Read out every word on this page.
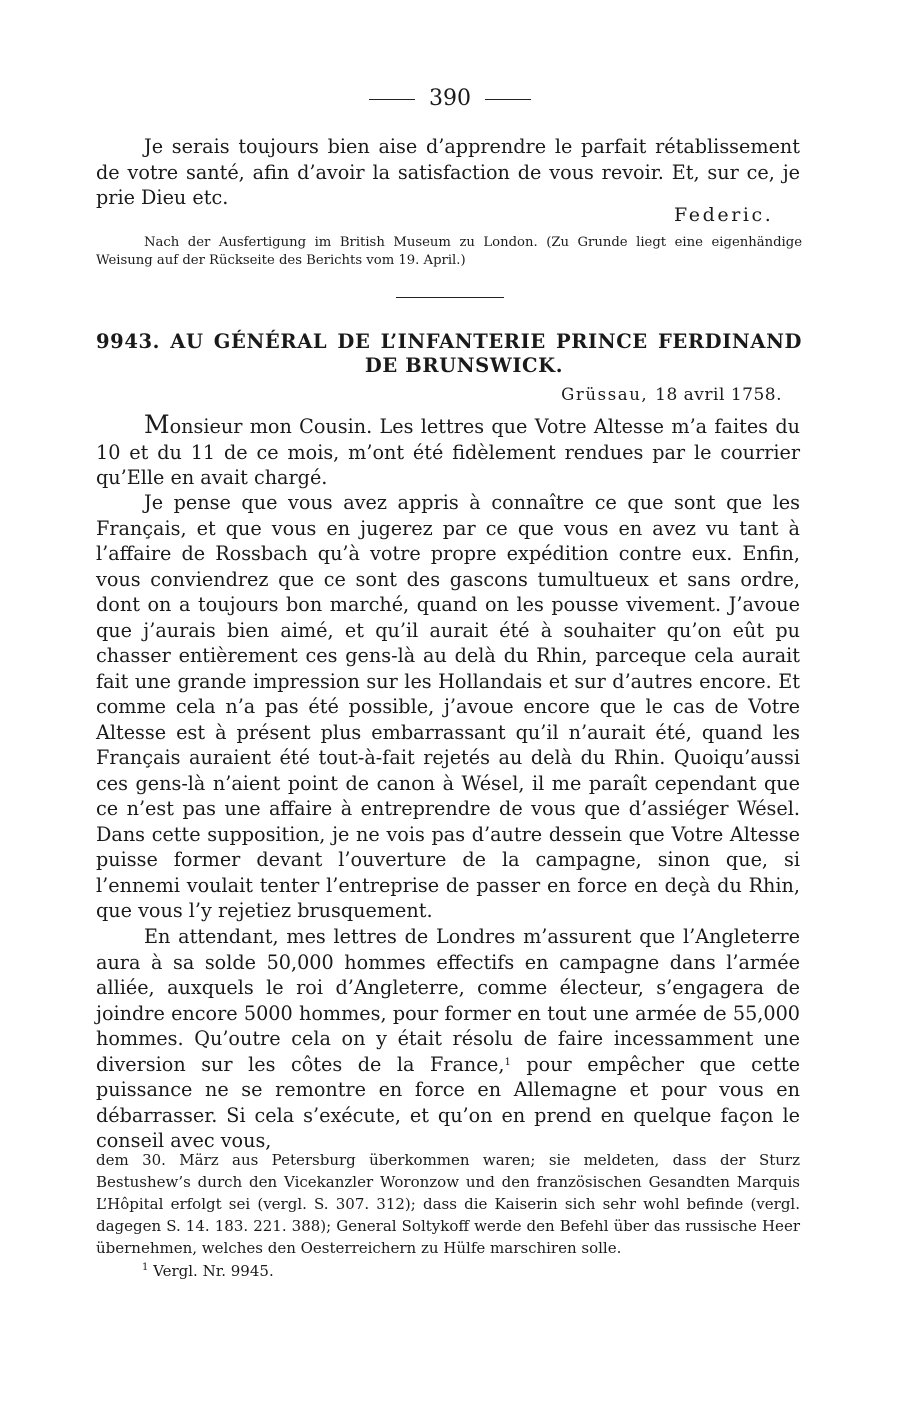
390

Je serais toujours bien aise d’apprendre le parfait rétablissement de votre santé, afin d’avoir la satisfaction de vous revoir. Et, sur ce, je prie Dieu etc.

Federic.

Nach der Ausfertigung im British Museum zu London. (Zu Grunde liegt eine eigenhändige Weisung auf der Rückseite des Berichts vom 19. April.)

9943. AU GÉNÉRAL DE L’INFANTERIE PRINCE FERDINAND
DE BRUNSWICK.
Grüssau, 18 avril 1758.

Monsieur mon Cousin. Les lettres que Votre Altesse m’a faites du 10 et du 11 de ce mois, m’ont été fidèlement rendues par le courrier qu’Elle en avait chargé.

Je pense que vous avez appris à connaître ce que sont que les Français, et que vous en jugerez par ce que vous en avez vu tant à l’affaire de Rossbach qu’à votre propre expédition contre eux. Enfin, vous conviendrez que ce sont des gascons tumultueux et sans ordre, dont on a toujours bon marché, quand on les pousse vivement. J’avoue que j’aurais bien aimé, et qu’il aurait été à souhaiter qu’on eût pu chasser entièrement ces gens-là au delà du Rhin, parceque cela aurait fait une grande impression sur les Hollandais et sur d’autres encore. Et comme cela n’a pas été possible, j’avoue encore que le cas de Votre Altesse est à présent plus embarrassant qu’il n’aurait été, quand les Français auraient été tout-à-fait rejetés au delà du Rhin. Quoiqu’aussi ces gens-là n’aient point de canon à Wésel, il me paraît cependant que ce n’est pas une affaire à entreprendre de vous que d’assiéger Wésel. Dans cette supposition, je ne vois pas d’autre dessein que Votre Altesse puisse former devant l’ouverture de la campagne, sinon que, si l’ennemi voulait tenter l’entreprise de passer en force en deçà du Rhin, que vous l’y rejetiez brusquement.

En attendant, mes lettres de Londres m’assurent que l’Angleterre aura à sa solde 50,000 hommes effectifs en campagne dans l’armée alliée, auxquels le roi d’Angleterre, comme électeur, s’engagera de joindre encore 5000 hommes, pour former en tout une armée de 55,000 hommes. Qu’outre cela on y était résolu de faire incessamment une diversion sur les côtes de la France,$^1$ pour empêcher que cette puissance ne se remontre en force en Allemagne et pour vous en débarrasser. Si cela s’exécute, et qu’on en prend en quelque façon le conseil avec vous,

dem 30. März aus Petersburg überkommen waren; sie meldeten, dass der Sturz Bestushew’s durch den Vicekanzler Woronzow und den französischen Gesandten Marquis L’Hôpital erfolgt sei (vergl. S. 307. 312); dass die Kaiserin sich sehr wohl befinde (vergl. dagegen S. 14. 183. 221. 388); General Soltykoff werde den Befehl über das russische Heer übernehmen, welches den Oesterreichern zu Hülfe marschiren solle.

$^1$ Vergl. Nr. 9945.
